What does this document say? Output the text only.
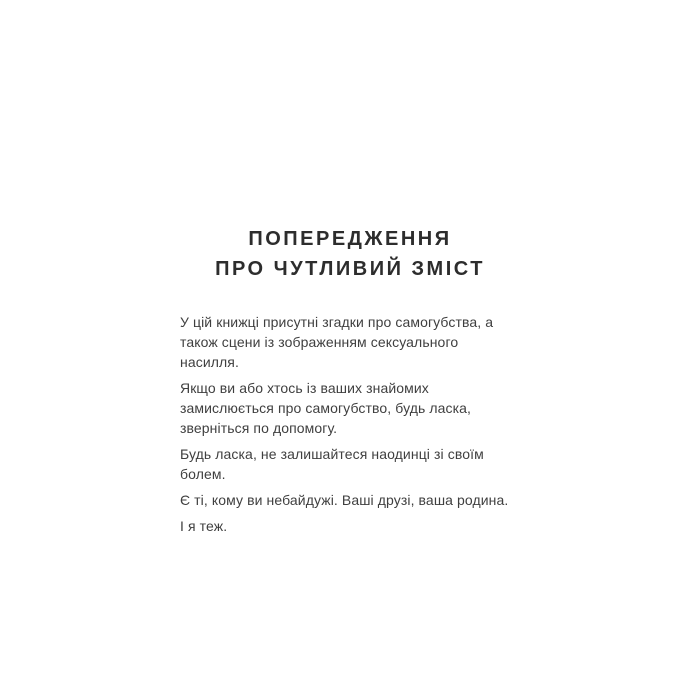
ПОПЕРЕДЖЕННЯ
ПРО ЧУТЛИВИЙ ЗМІСТ

У цій книжці присутні згадки про самогубства, а також сцени із зображенням сексуального насилля.

Якщо ви або хтось із ваших знайомих замислюється про самогубство, будь ласка, зверніться по допомогу.

Будь ласка, не залишайтеся наодинці зі своїм болем.

Є ті, кому ви небайдужі. Ваші друзі, ваша родина.

І я теж.
